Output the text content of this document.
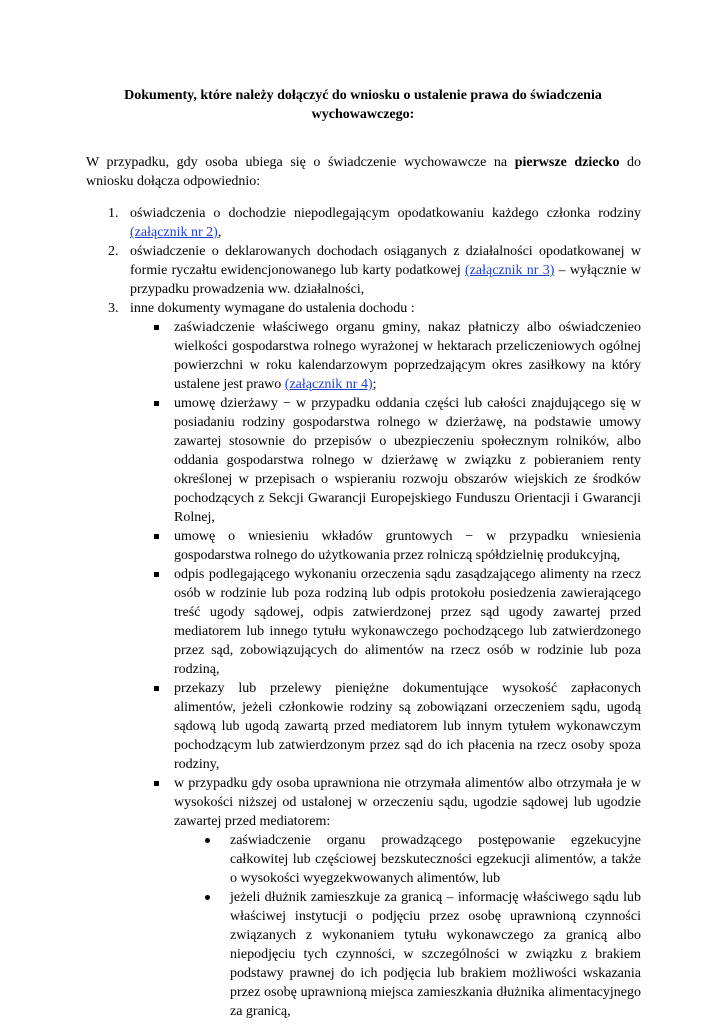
Dokumenty, które należy dołączyć do wniosku o ustalenie prawa do świadczenia wychowawczego:
W przypadku, gdy osoba ubiega się o świadczenie wychowawcze na pierwsze dziecko do wniosku dołącza odpowiednio:

1. oświadczenia o dochodzie niepodlegającym opodatkowaniu każdego członka rodziny (załącznik nr 2),

2. oświadczenie o deklarowanych dochodach osiąganych z działalności opodatkowanej w formie ryczałtu ewidencjonowanego lub karty podatkowej (załącznik nr 3) – wyłącznie w przypadku prowadzenia ww. działalności,

3. inne dokumenty wymagane do ustalenia dochodu :

zaświadczenie właściwego organu gminy, nakaz płatniczy albo oświadczenieo wielkości gospodarstwa rolnego wyrażonej w hektarach przeliczeniowych ogólnej powierzchni w roku kalendarzowym poprzedzającym okres zasiłkowy na który ustalene jest prawo (załącznik nr 4);

umowę dzierżawy − w przypadku oddania części lub całości znajdującego się w posiadaniu rodziny gospodarstwa rolnego w dzierżawę, na podstawie umowy zawartej stosownie do przepisów o ubezpieczeniu społecznym rolników, albo oddania gospodarstwa rolnego w dzierżawę w związku z pobieraniem renty określonej w przepisach o wspieraniu rozwoju obszarów wiejskich ze środków pochodzących z Sekcji Gwarancji Europejskiego Funduszu Orientacji i Gwarancji Rolnej,

umowę o wniesieniu wkładów gruntowych − w przypadku wniesienia gospodarstwa rolnego do użytkowania przez rolniczą spółdzielnię produkcyjną,

odpis podlegającego wykonaniu orzeczenia sądu zasądzającego alimenty na rzecz osób w rodzinie lub poza rodziną lub odpis protokołu posiedzenia zawierającego treść ugody sądowej, odpis zatwierdzonej przez sąd ugody zawartej przed mediatorem lub innego tytułu wykonawczego pochodzącego lub zatwierdzonego przez sąd, zobowiązujących do alimentów na rzecz osób w rodzinie lub poza rodziną,

przekazy lub przelewy pieniężne dokumentujące wysokość zapłaconych alimentów, jeżeli członkowie rodziny są zobowiązani orzeczeniem sądu, ugodą sądową lub ugodą zawartą przed mediatorem lub innym tytułem wykonawczym pochodzącym lub zatwierdzonym przez sąd do ich płacenia na rzecz osoby spoza rodziny,

w przypadku gdy osoba uprawniona nie otrzymała alimentów albo otrzymała je w wysokości niższej od ustalonej w orzeczeniu sądu, ugodzie sądowej lub ugodzie zawartej przed mediatorem:

zaświadczenie organu prowadzącego postępowanie egzekucyjne całkowitej lub częściowej bezskuteczności egzekucji alimentów, a także o wysokości wyegzekwowanych alimentów, lub

jeżeli dłużnik zamieszkuje za granicą – informację właściwego sądu lub właściwej instytucji o podjęciu przez osobę uprawnioną czynności związanych z wykonaniem tytułu wykonawczego za granicą albo niepodjęciu tych czynności, w szczególności w związku z brakiem podstawy prawnej do ich podjęcia lub brakiem możliwości wskazania przez osobę uprawnioną miejsca zamieszkania dłużnika alimentacyjnego za granicą,
